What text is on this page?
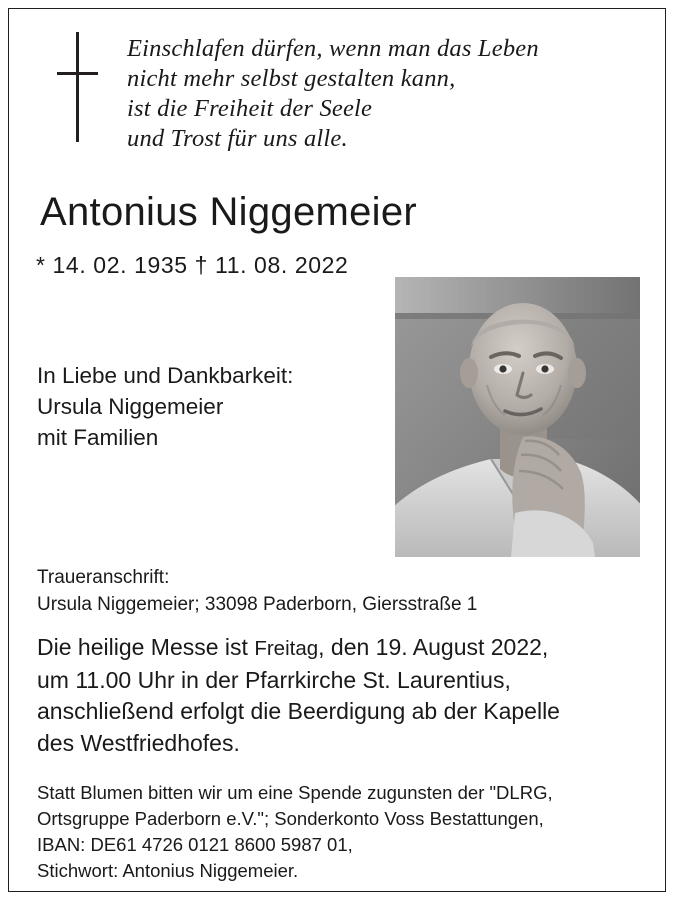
Einschlafen dürfen, wenn man das Leben
nicht mehr selbst gestalten kann,
ist die Freiheit der Seele
und Trost für uns alle.
Antonius Niggemeier
* 14. 02. 1935 † 11. 08. 2022
In Liebe und Dankbarkeit:
Ursula Niggemeier
mit Familien
Traueranschrift:
Ursula Niggemeier; 33098 Paderborn, Giersstraße 1
Die heilige Messe ist Freitag, den 19. August 2022,
um 11.00 Uhr in der Pfarrkirche St. Laurentius,
anschließend erfolgt die Beerdigung ab der Kapelle
des Westfriedhofes.
Statt Blumen bitten wir um eine Spende zugunsten der "DLRG,
Ortsgruppe Paderborn e.V."; Sonderkonto Voss Bestattungen,
IBAN: DE61 4726 0121 8600 5987 01,
Stichwort: Antonius Niggemeier.
